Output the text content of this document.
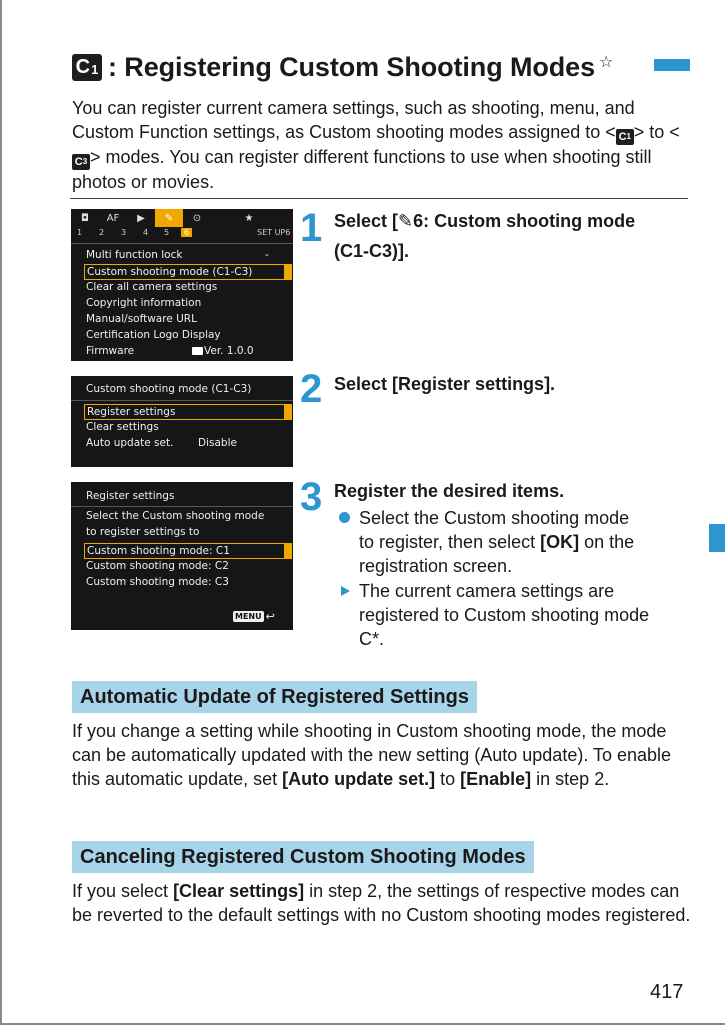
C 1 : Registering Custom Shooting Modes ☆
You can register current camera settings, such as shooting, menu, and Custom Function settings, as Custom shooting modes assigned to < C 1 > to <
C 3 > modes. You can register different functions to use when shooting still photos or movies.
◘	AF	▶	✎	⊙	★
1 2 3 4 5	6	SET UP6
Multi function lock	-
Custom shooting mode (C1-C3)
Clear all camera settings
Copyright information
Manual/software URL
Certification Logo Display
Firmware	Ver. 1.0.0
Custom shooting mode (C1-C3)
Register settings
Clear settings
Auto update set. Disable
Register settings
Select the Custom shooting mode
to register settings to
Custom shooting mode: C1
Custom shooting mode: C2
Custom shooting mode: C3
MENU ↩
1 Select [✎6: Custom shooting mode
(C1-C3)].
2 Select [Register settings].
3 Register the desired items.
Select the Custom shooting mode
to register, then select [OK] on the
registration screen.
The current camera settings are
registered to Custom shooting mode
C*.
Automatic Update of Registered Settings
If you change a setting while shooting in Custom shooting mode, the mode can be automatically updated with the new setting (Auto update). To enable this automatic update, set [Auto update set.] to [Enable] in step 2.
Canceling Registered Custom Shooting Modes
If you select [Clear settings] in step 2, the settings of respective modes can be reverted to the default settings with no Custom shooting modes registered.
417
